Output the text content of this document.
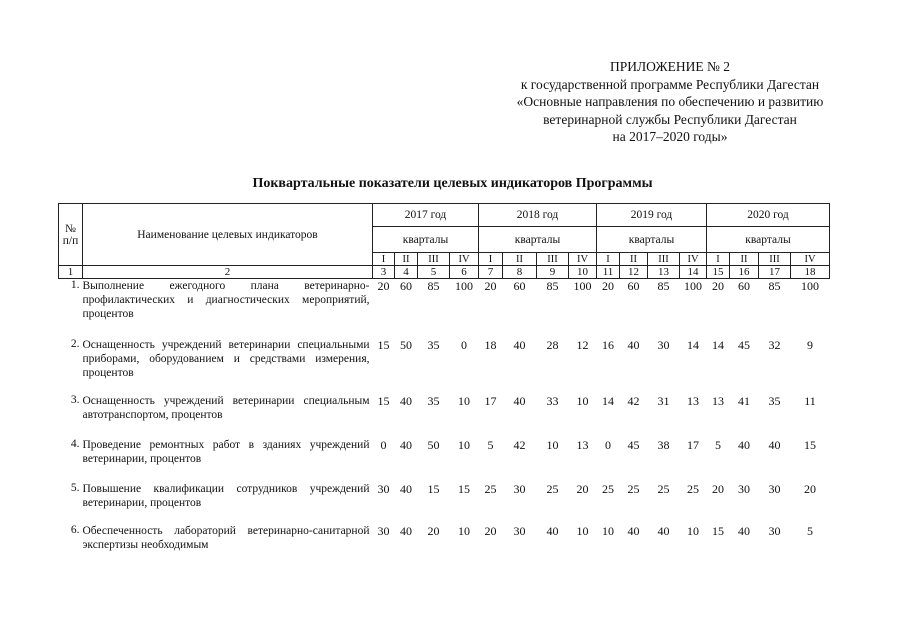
ПРИЛОЖЕНИЕ № 2
к государственной программе Республики Дагестан
«Основные направления по обеспечению и развитию
ветеринарной службы Республики Дагестан
на 2017–2020 годы»
Поквартальные показатели целевых индикаторов Программы
№ п/п	Наименование целевых индикаторов	2017 год				2018 год				2019 год				2020 год			
		кварталы				кварталы				кварталы				кварталы			
		I	II	III	IV	I	II	III	IV	I	II	III	IV	I	II	III	IV
1	2	3	4	5	6	7	8	9	10	11	12	13	14	15	16	17	18
1.	Выполнение ежегодного плана ветеринарно-профилактических и диагностических мероприятий, процентов	20	60	85	100	20	60	85	100	20	60	85	100	20	60	85	100
2.	Оснащенность учреждений ветеринарии специальными приборами, оборудованием и средствами измерения, процентов	15	50	35	0	18	40	28	12	16	40	30	14	14	45	32	9
3.	Оснащенность учреждений ветеринарии специальным автотранспортом, процентов	15	40	35	10	17	40	33	10	14	42	31	13	13	41	35	11
4.	Проведение ремонтных работ в зданиях учреждений ветеринарии, процентов	0	40	50	10	5	42	10	13	0	45	38	17	5	40	40	15
5.	Повышение квалификации сотрудников учреждений ветеринарии, процентов	30	40	15	15	25	30	25	20	25	25	25	25	20	30	30	20
6.	Обеспеченность лабораторий ветеринарно-санитарной экспертизы необходимым	30	40	20	10	20	30	40	10	10	40	40	10	15	40	30	5
